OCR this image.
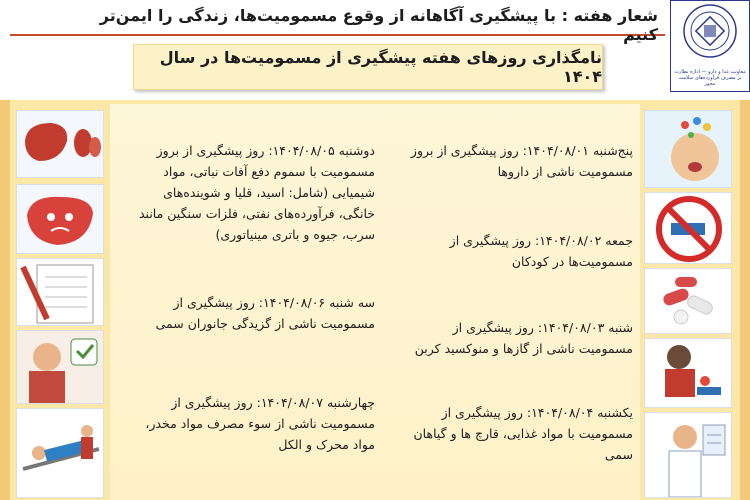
شعار هفته : با پیشگیری آگاهانه از وقوع مسمومیت‌ها، زندگی را ایمن‌تر کنیم
معاونت غذا و دارو — اداره نظارت بر مصرف فرآورده‌های سلامت محور
نامگذاری روزهای هفته پیشگیری از مسمومیت‌ها در سال ۱۴۰۴
پنج‌شنبه ۱۴۰۴/۰۸/۰۱: روز پیشگیری از بروز مسمومیت ناشی از داروها
جمعه ۱۴۰۴/۰۸/۰۲: روز پیشگیری از مسمومیت‌ها در کودکان
شنبه ۱۴۰۴/۰۸/۰۳: روز پیشگیری از مسمومیت ناشی از گازها و منوکسید کربن
یکشنبه ۱۴۰۴/۰۸/۰۴: روز پیشگیری از مسمومیت با مواد غذایی، قارچ ها و گیاهان سمی
دوشنبه ۱۴۰۴/۰۸/۰۵: روز پیشگیری از بروز مسمومیت با سموم دفع آفات نباتی، مواد شیمیایی (شامل: اسید، قلیا و شوینده‌های خانگی، فرآورده‌های نفتی، فلزات سنگین مانند سرب، جیوه و باتری مینیاتوری)
سه شنبه ۱۴۰۴/۰۸/۰۶: روز پیشگیری از مسمومیت ناشی از گزیدگی جانوران سمی
چهارشنبه ۱۴۰۴/۰۸/۰۷: روز پیشگیری از مسمومیت ناشی از سوء مصرف مواد مخدر، مواد محرک و الکل
